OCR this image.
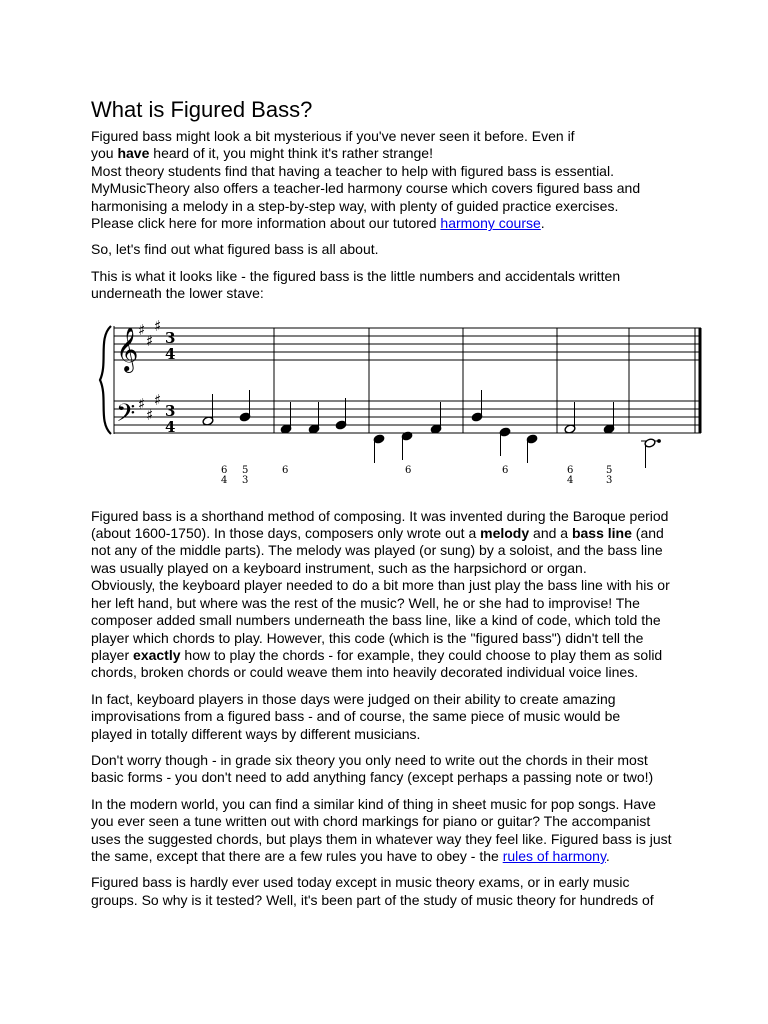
What is Figured Bass?

Figured bass might look a bit mysterious if you've never seen it before. Even if
you have heard of it, you might think it's rather strange!
Most theory students find that having a teacher to help with figured bass is essential.
MyMusicTheory also offers a teacher-led harmony course which covers figured bass and
harmonising a melody in a step-by-step way, with plenty of guided practice exercises.
Please click here for more information about our tutored harmony course.

So, let's find out what figured bass is all about.

This is what it looks like - the figured bass is the little numbers and accidentals written underneath the lower stave:

Figured bass is a shorthand method of composing. It was invented during the Baroque period (about 1600-1750). In those days, composers only wrote out a melody and a bass line (and not any of the middle parts). The melody was played (or sung) by a soloist, and the bass line was usually played on a keyboard instrument, such as the harpsichord or organ.

Obviously, the keyboard player needed to do a bit more than just play the bass line with his or her left hand, but where was the rest of the music? Well, he or she had to improvise! The composer added small numbers underneath the bass line, like a kind of code, which told the player which chords to play. However, this code (which is the "figured bass") didn't tell the player exactly how to play the chords - for example, they could choose to play them as solid chords, broken chords or could weave them into heavily decorated individual voice lines.

In fact, keyboard players in those days were judged on their ability to create amazing improvisations from a figured bass - and of course, the same piece of music would be played in totally different ways by different musicians.

Don't worry though - in grade six theory you only need to write out the chords in their most basic forms - you don't need to add anything fancy (except perhaps a passing note or two!)

In the modern world, you can find a similar kind of thing in sheet music for pop songs. Have you ever seen a tune written out with chord markings for piano or guitar? The accompanist uses the suggested chords, but plays them in whatever way they feel like. Figured bass is just the same, except that there are a few rules you have to obey - the rules of harmony.

Figured bass is hardly ever used today except in music theory exams, or in early music groups. So why is it tested? Well, it's been part of the study of music theory for hundreds of

𝄞
𝄢
♯
♯
♯
♯
♯
♯
3
4
3
4
6
4
5
3
6	6	6	6
4
5
3
